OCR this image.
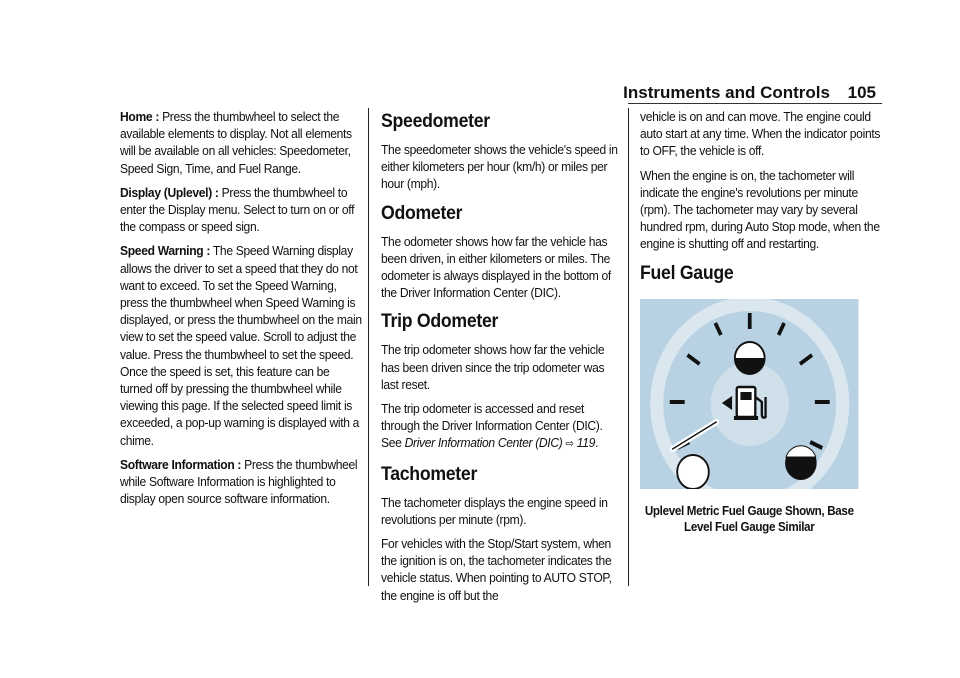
Instruments and Controls 105

Home : Press the thumbwheel to select the available elements to display. Not all elements will be available on all vehicles: Speedometer, Speed Sign, Time, and Fuel Range.

Display (Uplevel) : Press the thumbwheel to enter the Display menu. Select to turn on or off the compass or speed sign.

Speed Warning : The Speed Warning display allows the driver to set a speed that they do not want to exceed. To set the Speed Warning, press the thumbwheel when Speed Warning is displayed, or press the thumbwheel on the main view to set the speed value. Scroll to adjust the value. Press the thumbwheel to set the speed. Once the speed is set, this feature can be turned off by pressing the thumbwheel while viewing this page. If the selected speed limit is exceeded, a pop-up warning is displayed with a chime.

Software Information : Press the thumbwheel while Software Information is highlighted to display open source software information.

Speedometer

The speedometer shows the vehicle's speed in either kilometers per hour (km/h) or miles per hour (mph).

Odometer

The odometer shows how far the vehicle has been driven, in either kilometers or miles. The odometer is always displayed in the bottom of the Driver Information Center (DIC).

Trip Odometer

The trip odometer shows how far the vehicle has been driven since the trip odometer was last reset.

The trip odometer is accessed and reset through the Driver Information Center (DIC). See Driver Information Center (DIC) ⇨ 119.

Tachometer

The tachometer displays the engine speed in revolutions per minute (rpm).

For vehicles with the Stop/Start system, when the ignition is on, the tachometer indicates the vehicle status. When pointing to AUTO STOP, the engine is off but the

vehicle is on and can move. The engine could auto start at any time. When the indicator points to OFF, the vehicle is off.

When the engine is on, the tachometer will indicate the engine's revolutions per minute (rpm). The tachometer may vary by several hundred rpm, during Auto Stop mode, when the engine is shutting off and restarting.

Fuel Gauge
Uplevel Metric Fuel Gauge Shown, Base Level Fuel Gauge Similar
